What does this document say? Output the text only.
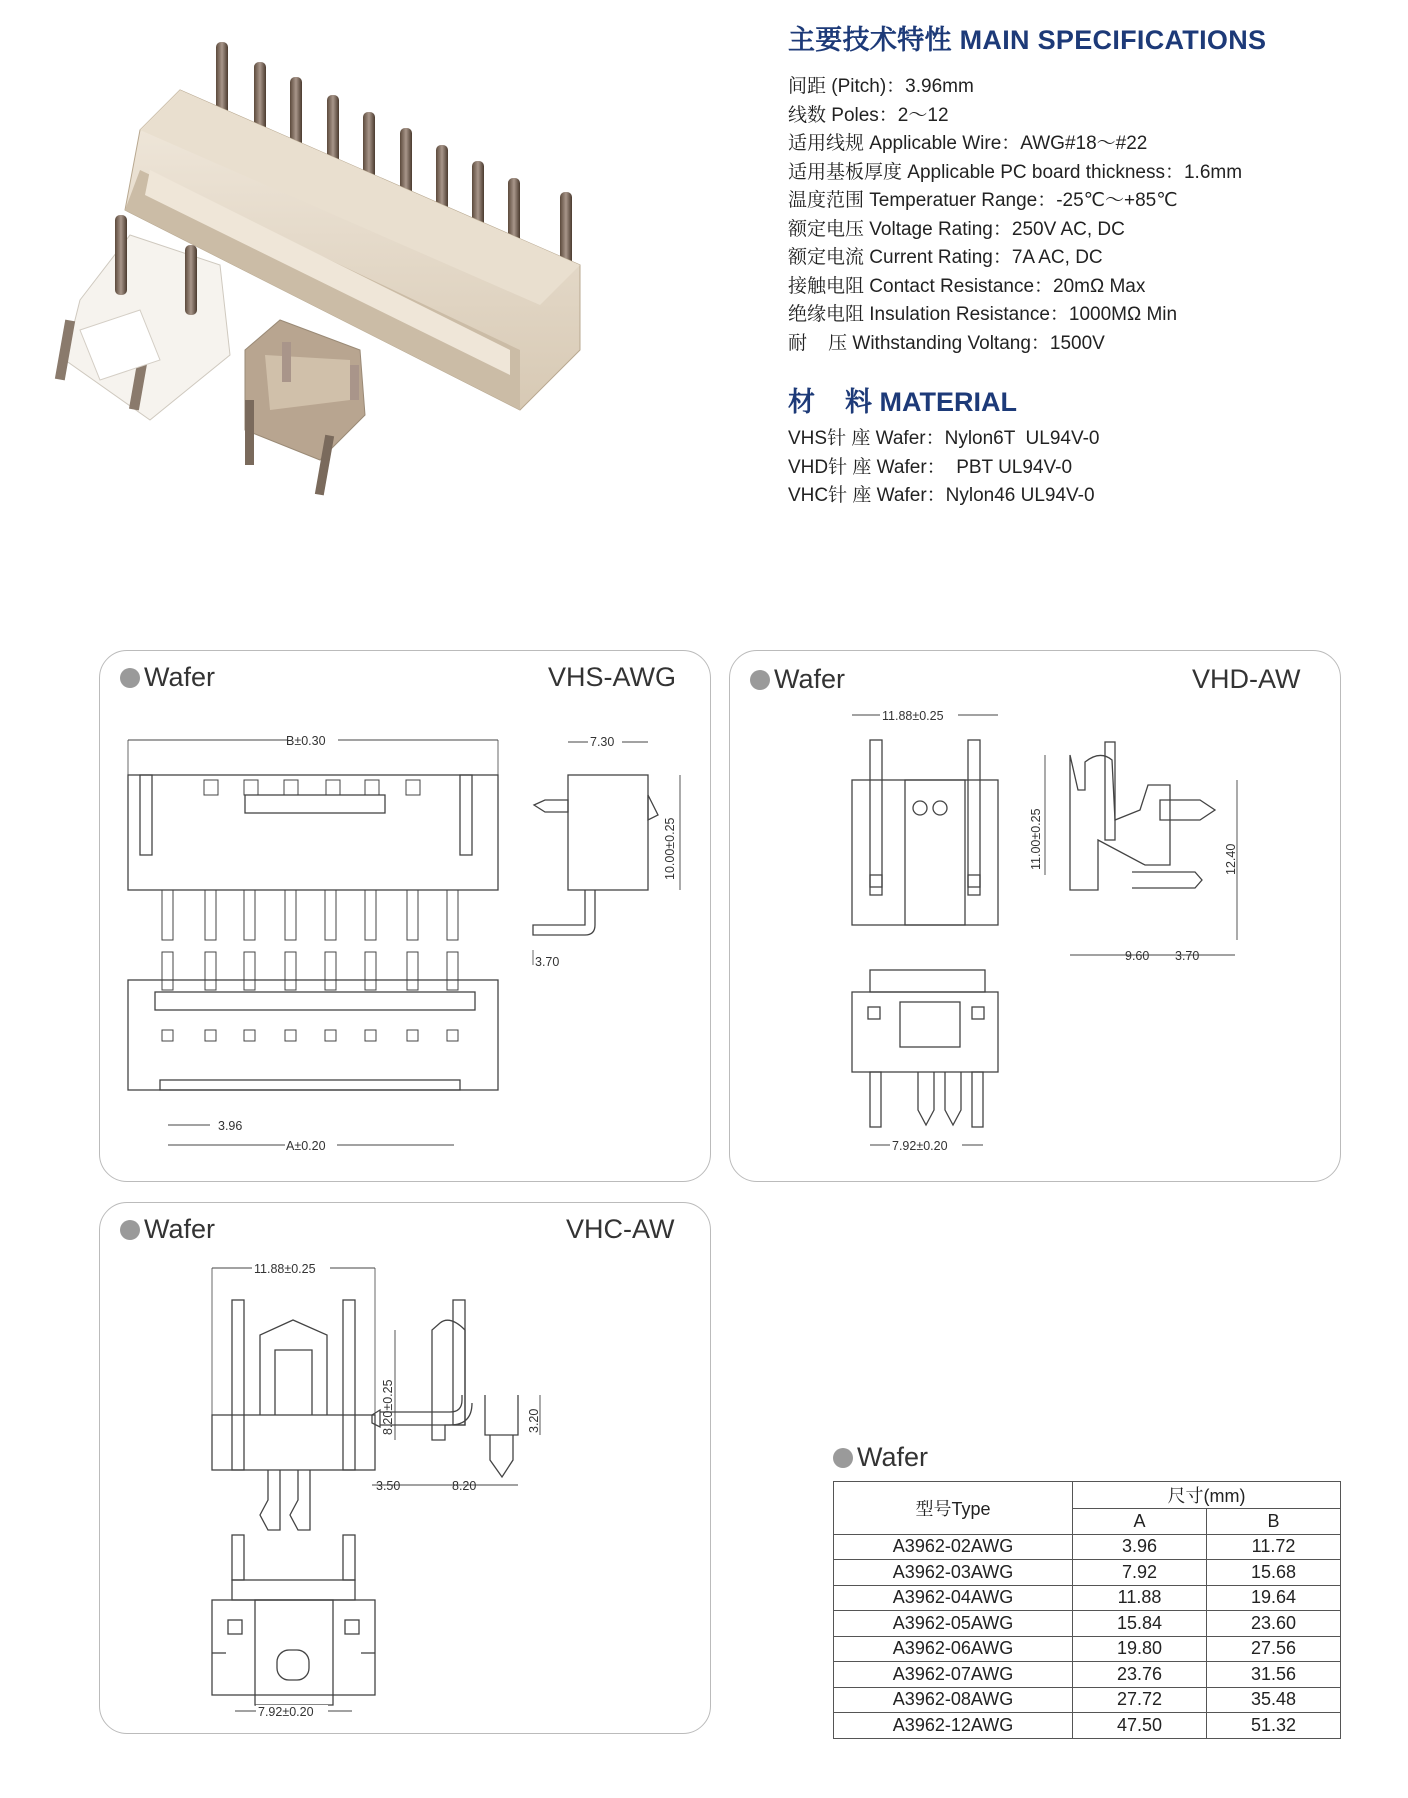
主要技术特性 MAIN SPECIFICATIONS
间距 (Pitch)：3.96mm
线数 Poles：2～12
适用线规 Applicable Wire：AWG#18～#22
适用基板厚度 Applicable PC board thickness：1.6mm
温度范围 Temperatuer Range：-25℃～+85℃
额定电压 Voltage Rating：250V AC, DC
额定电流 Current Rating：7A AC, DC
接触电阻 Contact Resistance：20mΩ Max
绝缘电阻 Insulation Resistance：1000MΩ Min
耐    压 Withstanding Voltang：1500V
材    料 MATERIAL
VHS针 座 Wafer：Nylon6T  UL94V-0
VHD针 座 Wafer：  PBT UL94V-0
VHC针 座 Wafer：Nylon46 UL94V-0
Wafer	VHS-AWG
B±0.30	7.30
10.00±0.25
3.70
3.96
A±0.20
Wafer	VHD-AW
11.88±0.25
11.00±0.25	12.40
9.60 3.70
7.92±0.20
Wafer	VHC-AW
11.88±0.25
8.20±0.25	3.20
3.50	8.20
7.92±0.20
Wafer
型号Type	尺寸(mm)	
	A	B
A3962-02AWG	3.96	11.72
A3962-03AWG	7.92	15.68
A3962-04AWG	11.88	19.64
A3962-05AWG	15.84	23.60
A3962-06AWG	19.80	27.56
A3962-07AWG	23.76	31.56
A3962-08AWG	27.72	35.48
A3962-12AWG	47.50	51.32
